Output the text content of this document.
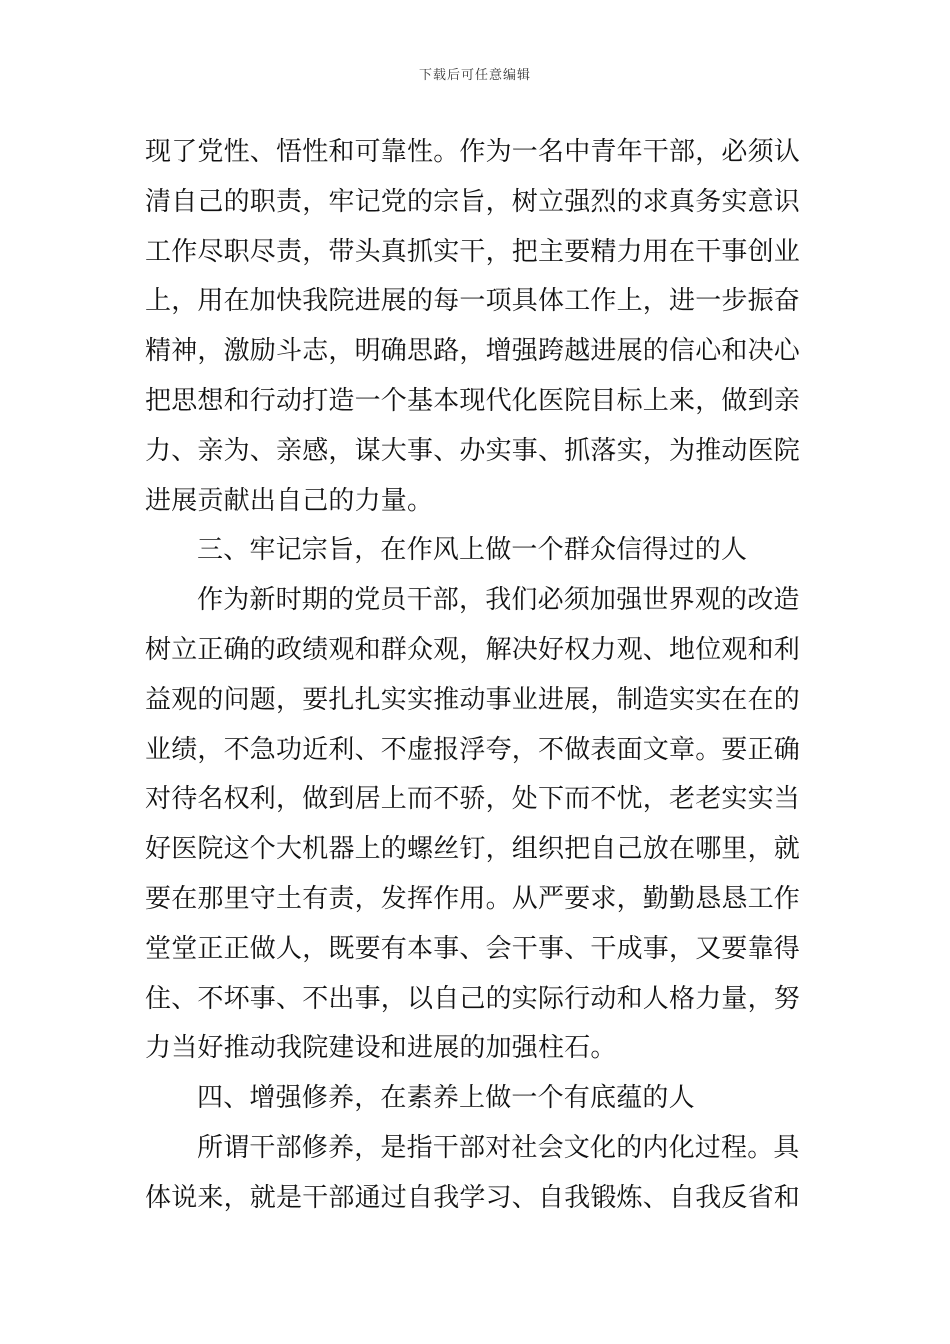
下载后可任意编辑
现了党性、悟性和可靠性。作为一名中青年干部，必须认
清自己的职责，牢记党的宗旨，树立强烈的求真务实意识
工作尽职尽责，带头真抓实干，把主要精力用在干事创业
上，用在加快我院进展的每一项具体工作上，进一步振奋
精神，激励斗志，明确思路，增强跨越进展的信心和决心
把思想和行动打造一个基本现代化医院目标上来，做到亲
力、亲为、亲感，谋大事、办实事、抓落实，为推动医院
进展贡献出自己的力量。
三、牢记宗旨，在作风上做一个群众信得过的人
作为新时期的党员干部，我们必须加强世界观的改造
树立正确的政绩观和群众观，解决好权力观、地位观和利
益观的问题，要扎扎实实推动事业进展，制造实实在在的
业绩，不急功近利、不虚报浮夸，不做表面文章。要正确
对待名权利，做到居上而不骄，处下而不忧，老老实实当
好医院这个大机器上的螺丝钉，组织把自己放在哪里，就
要在那里守土有责，发挥作用。从严要求，勤勤恳恳工作
堂堂正正做人，既要有本事、会干事、干成事，又要靠得
住、不坏事、不出事，以自己的实际行动和人格力量，努
力当好推动我院建设和进展的加强柱石。
四、增强修养，在素养上做一个有底蕴的人
所谓干部修养，是指干部对社会文化的内化过程。具
体说来，就是干部通过自我学习、自我锻炼、自我反省和
